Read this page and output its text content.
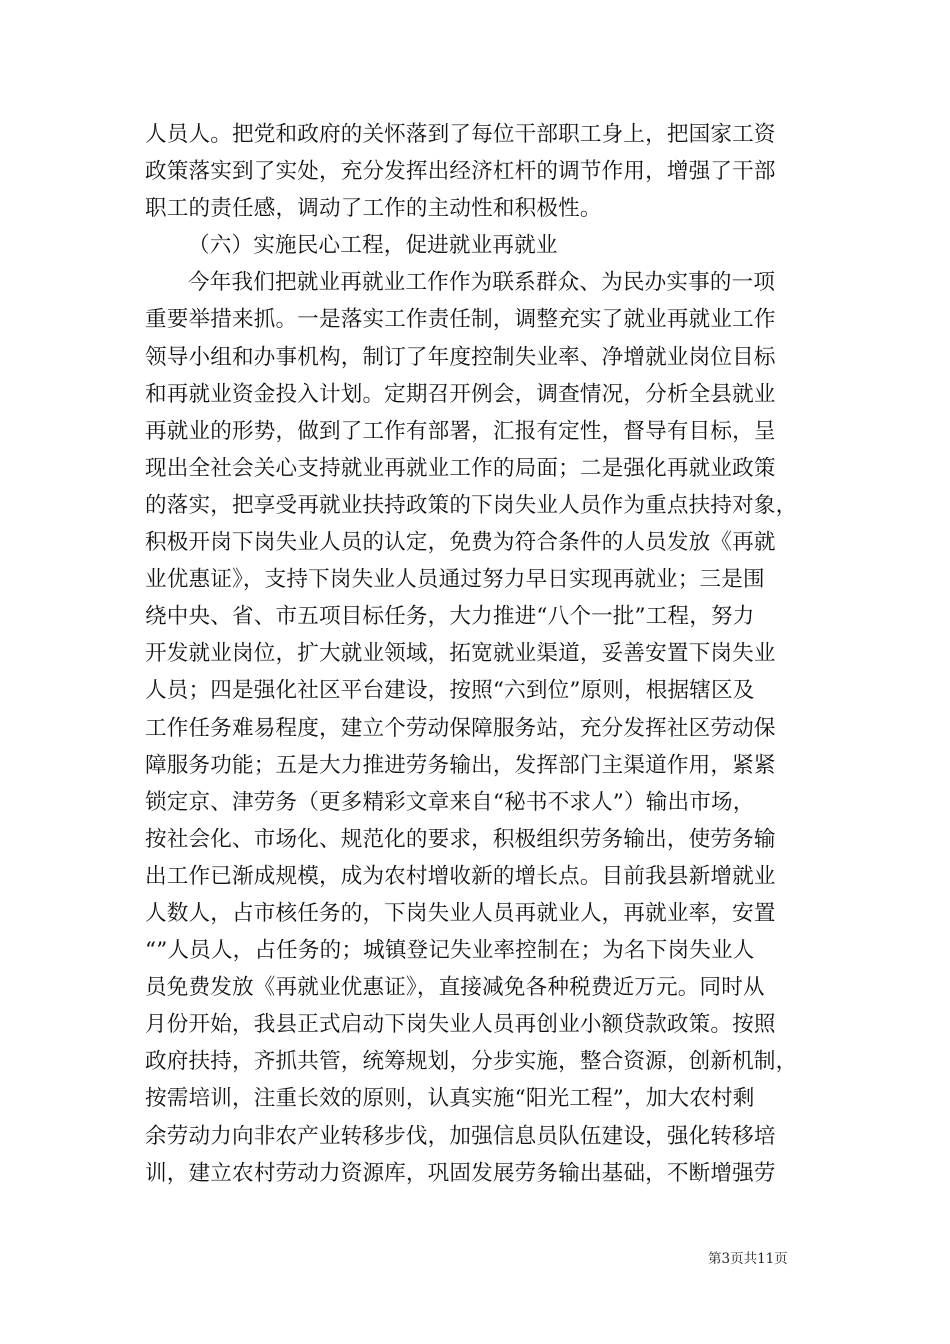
人员人。把党和政府的关怀落到了每位干部职工身上，把国家工资
政策落实到了实处，充分发挥出经济杠杆的调节作用，增强了干部
职工的责任感，调动了工作的主动性和积极性。
（六）实施民心工程，促进就业再就业
今年我们把就业再就业工作作为联系群众、为民办实事的一项
重要举措来抓。一是落实工作责任制，调整充实了就业再就业工作
领导小组和办事机构，制订了年度控制失业率、净增就业岗位目标
和再就业资金投入计划。定期召开例会，调查情况，分析全县就业
再就业的形势，做到了工作有部署，汇报有定性，督导有目标，呈
现出全社会关心支持就业再就业工作的局面；二是强化再就业政策
的落实，把享受再就业扶持政策的下岗失业人员作为重点扶持对象，
积极开岗下岗失业人员的认定，免费为符合条件的人员发放《再就
业优惠证》，支持下岗失业人员通过努力早日实现再就业；三是围
绕中央、省、市五项目标任务，大力推进“八个一批”工程，努力
开发就业岗位，扩大就业领域，拓宽就业渠道，妥善安置下岗失业
人员；四是强化社区平台建设，按照“六到位”原则，根据辖区及
工作任务难易程度，建立个劳动保障服务站，充分发挥社区劳动保
障服务功能；五是大力推进劳务输出，发挥部门主渠道作用，紧紧
锁定京、津劳务（更多精彩文章来自“秘书不求人”）输出市场，
按社会化、市场化、规范化的要求，积极组织劳务输出，使劳务输
出工作已渐成规模，成为农村增收新的增长点。目前我县新增就业
人数人，占市核任务的，下岗失业人员再就业人，再就业率，安置
“”人员人，占任务的；城镇登记失业率控制在；为名下岗失业人
员免费发放《再就业优惠证》，直接减免各种税费近万元。同时从
月份开始，我县正式启动下岗失业人员再创业小额贷款政策。按照
政府扶持，齐抓共管，统筹规划，分步实施，整合资源，创新机制，
按需培训，注重长效的原则，认真实施“阳光工程”，加大农村剩
余劳动力向非农产业转移步伐，加强信息员队伍建设，强化转移培
训，建立农村劳动力资源库，巩固发展劳务输出基础，不断增强劳
第3页共11页
